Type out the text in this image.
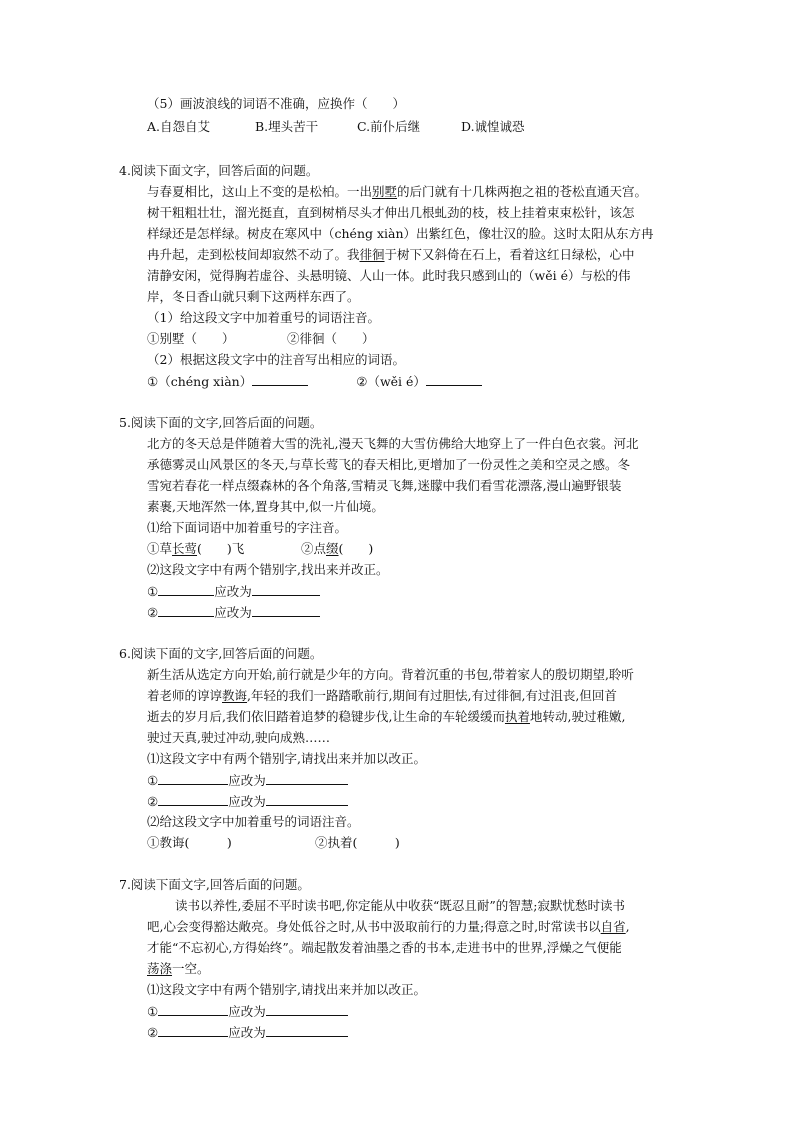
（5）画波浪线的词语不准确，应换作（　　）
A.自怨自艾	B.埋头苦干	C.前仆后继	D.诚惶诚恐
4.阅读下面文字，回答后面的问题。
与春夏相比，这山上不变的是松柏。一出别墅的后门就有十几株两抱之祖的苍松直通天宫。
树干粗粗壮壮，溜光挺直，直到树梢尽头才伸出几根虬劲的枝，枝上挂着束束松针，该怎
样绿还是怎样绿。树皮在寒风中（chéng xiàn）出紫红色，像壮汉的脸。这时太阳从东方冉
冉升起，走到松枝间却寂然不动了。我徘徊于树下又斜倚在石上，看着这红日绿松，心中
清静安闲，觉得胸若虚谷、头悬明镜、人山一体。此时我只感到山的（wěi é）与松的伟
岸，冬日香山就只剩下这两样东西了。
（1）给这段文字中加着重号的词语注音。
①别墅（　　）	②徘徊（　　）
（2）根据这段文字中的注音写出相应的词语。
①（chéng xiàn）	②（wěi é）
5.阅读下面的文字,回答后面的问题。
北方的冬天总是伴随着大雪的洗礼,漫天飞舞的大雪仿佛给大地穿上了一件白色衣裳。河北
承德雾灵山风景区的冬天,与草长莺飞的春天相比,更增加了一份灵性之美和空灵之感。冬
雪宛若春花一样点缀森林的各个角落,雪精灵飞舞,迷朦中我们看雪花漂落,漫山遍野银装
素裹,天地浑然一体,置身其中,似一片仙境。
⑴给下面词语中加着重号的字注音。
①草长莺(　　)飞	②点缀(　　)
⑵这段文字中有两个错别字,找出来并改正。
①	应改为
②	应改为
6.阅读下面的文字,回答后面的问题。
新生活从选定方向开始,前行就是少年的方向。背着沉重的书包,带着家人的殷切期望,聆听
着老师的谆谆教诲,年轻的我们一路踏歌前行,期间有过胆怯,有过徘徊,有过沮丧,但回首
逝去的岁月后,我们依旧踏着追梦的稳键步伐,让生命的车轮缓缓而执着地转动,驶过稚嫩,
驶过天真,驶过冲动,驶向成熟……
⑴这段文字中有两个错别字,请找出来并加以改正。
①	应改为
②	应改为
⑵给这段文字中加着重号的词语注音。
①教诲(　　　)	②执着(　　　)
7.阅读下面文字,回答后面的问题。
读书以养性,委屈不平时读书吧,你定能从中收获“既忍且耐”的智慧;寂默忧愁时读书
吧,心会变得豁达敞亮。身处低谷之时,从书中汲取前行的力量;得意之时,时常读书以自省,
才能“不忘初心,方得始终”。端起散发着油墨之香的书本,走进书中的世界,浮燥之气便能
荡涤一空。
⑴这段文字中有两个错别字,请找出来并加以改正。
①	应改为
②	应改为
